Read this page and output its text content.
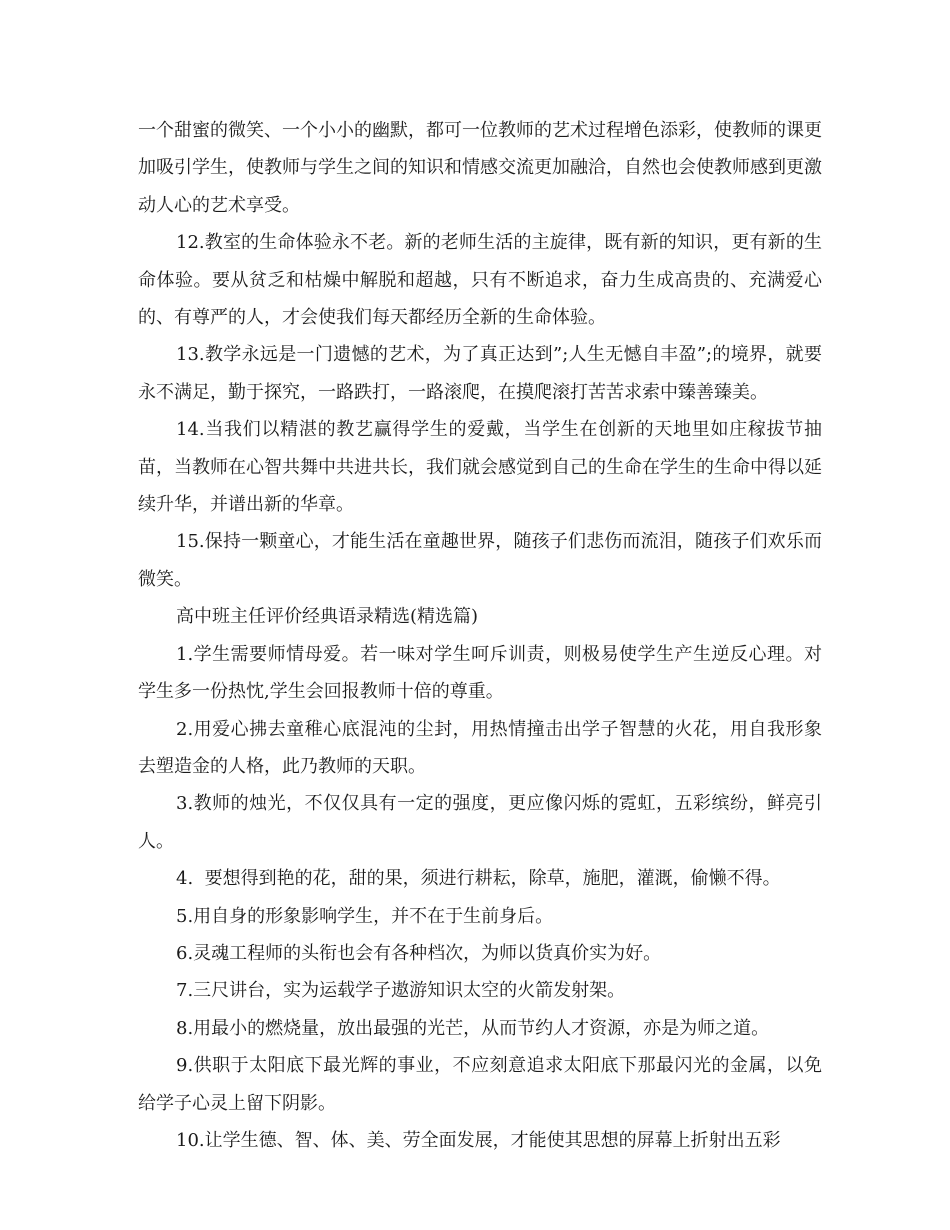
一个甜蜜的微笑、一个小小的幽默，都可一位教师的艺术过程增色添彩，使教师的课更加吸引学生，使教师与学生之间的知识和情感交流更加融洽，自然也会使教师感到更激动人心的艺术享受。

12.教室的生命体验永不老。新的老师生活的主旋律，既有新的知识，更有新的生命体验。要从贫乏和枯燥中解脱和超越，只有不断追求，奋力生成高贵的、充满爱心的、有尊严的人，才会使我们每天都经历全新的生命体验。

13.教学永远是一门遗憾的艺术，为了真正达到”;人生无憾自丰盈”;的境界，就要永不满足，勤于探究，一路跌打，一路滚爬，在摸爬滚打苦苦求索中臻善臻美。

14.当我们以精湛的教艺赢得学生的爱戴，当学生在创新的天地里如庄稼拔节抽苗，当教师在心智共舞中共进共长，我们就会感觉到自己的生命在学生的生命中得以延续升华，并谱出新的华章。

15.保持一颗童心，才能生活在童趣世界，随孩子们悲伤而流泪，随孩子们欢乐而微笑。

高中班主任评价经典语录精选(精选篇)

1.学生需要师情母爱。若一味对学生呵斥训责，则极易使学生产生逆反心理。对学生多一份热忱,学生会回报教师十倍的尊重。

2.用爱心拂去童稚心底混沌的尘封，用热情撞击出学子智慧的火花，用自我形象去塑造金的人格，此乃教师的天职。

3.教师的烛光，不仅仅具有一定的强度，更应像闪烁的霓虹，五彩缤纷，鲜亮引人。

4.  要想得到艳的花，甜的果，须进行耕耘，除草，施肥，灌溉，偷懒不得。

5.用自身的形象影响学生，并不在于生前身后。

6.灵魂工程师的头衔也会有各种档次，为师以货真价实为好。

7.三尺讲台，实为运载学子遨游知识太空的火箭发射架。

8.用最小的燃烧量，放出最强的光芒，从而节约人才资源，亦是为师之道。

9.供职于太阳底下最光辉的事业，不应刻意追求太阳底下那最闪光的金属，以免给学子心灵上留下阴影。

10.让学生德、智、体、美、劳全面发展，才能使其思想的屏幕上折射出五彩
